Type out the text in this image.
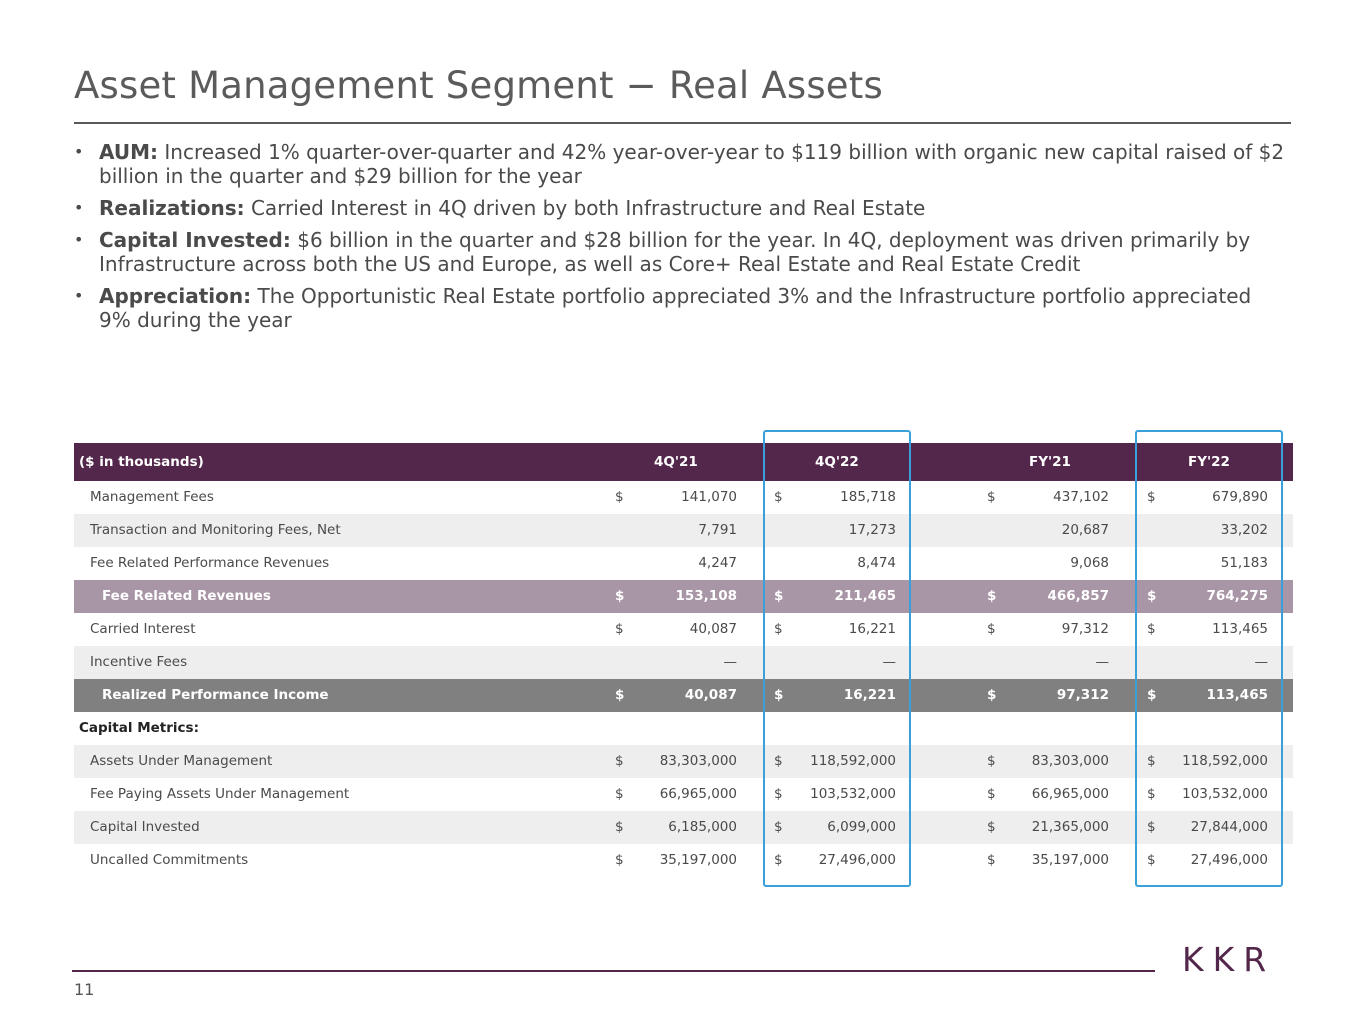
Asset Management Segment − Real Assets
• AUM: Increased 1% quarter-over-quarter and 42% year-over-year to $119 billion with organic new capital raised of $2 billion in the quarter and $29 billion for the year
• Realizations: Carried Interest in 4Q driven by both Infrastructure and Real Estate
• Capital Invested: $6 billion in the quarter and $28 billion for the year. In 4Q, deployment was driven primarily by Infrastructure across both the US and Europe, as well as Core+ Real Estate and Real Estate Credit
• Appreciation: The Opportunistic Real Estate portfolio appreciated 3% and the Infrastructure portfolio appreciated 9% during the year
($ in thousands)	4Q'21	4Q'22	FY'21	FY'22
Management Fees	$	141,070	$	185,718	$	437,102	$	679,890
Transaction and Monitoring Fees, Net	7,791	17,273	20,687	33,202
Fee Related Performance Revenues	4,247	8,474	9,068	51,183
Fee Related Revenues	$	153,108	$	211,465	$	466,857	$	764,275
Carried Interest	$	40,087	$	16,221	$	97,312	$	113,465
Incentive Fees	—	—	—	—
Realized Performance Income	$	40,087	$	16,221	$	97,312	$	113,465
Capital Metrics:
Assets Under Management	$	83,303,000	$ 118,592,000	$	83,303,000	$ 118,592,000
Fee Paying Assets Under Management	$	66,965,000	$ 103,532,000	$	66,965,000	$ 103,532,000
Capital Invested	$	6,185,000	$	6,099,000	$	21,365,000	$	27,844,000
Uncalled Commitments	$	35,197,000	$	27,496,000	$	35,197,000	$	27,496,000
11
KKR
